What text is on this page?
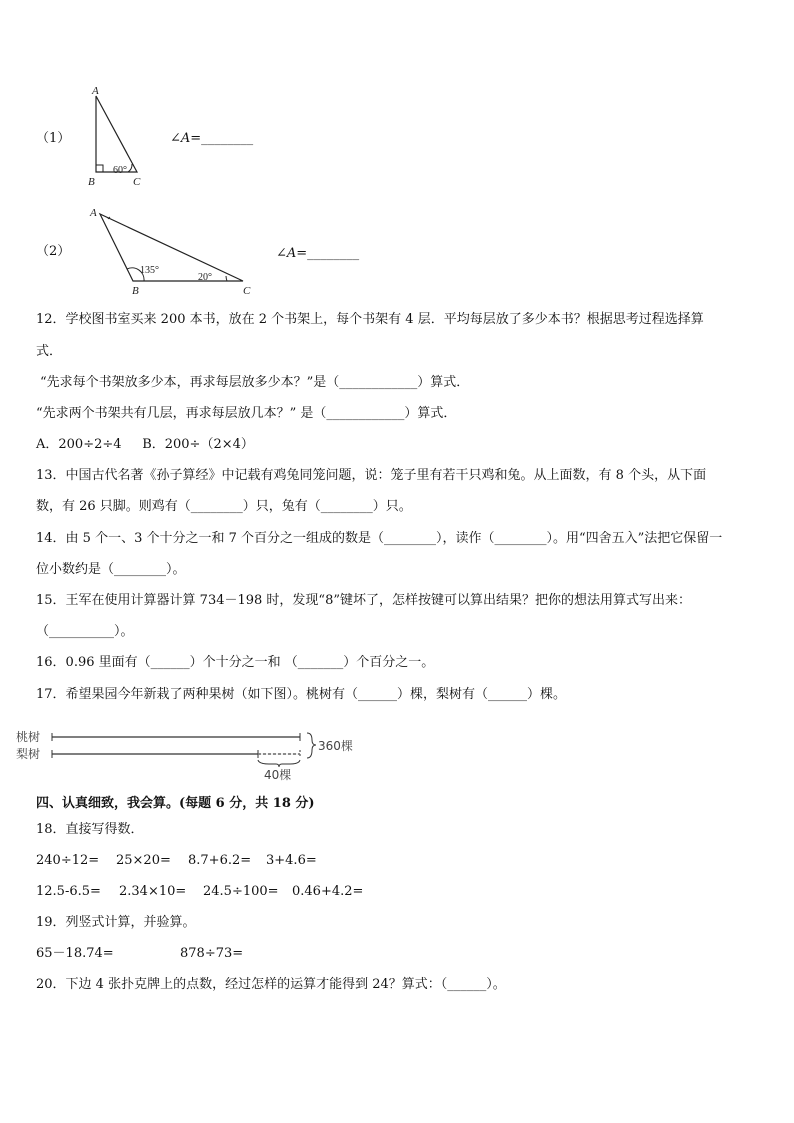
（1）
A
B	C
60°
∠A=________
（2）
A
B	C
135°
20°
∠A=________
12．学校图书室买来 200 本书，放在 2 个书架上，每个书架有 4 层．平均每层放了多少本书？根据思考过程选择算
式．
“先求每个书架放多少本，再求每层放多少本？”是（____________）算式．
“先求两个书架共有几层，再求每层放几本？” 是（____________）算式．
A．200÷2÷4     B．200÷（2×4）
13．中国古代名著《孙子算经》中记载有鸡兔同笼问题，说：笼子里有若干只鸡和兔。从上面数，有 8 个头，从下面
数，有 26 只脚。则鸡有（________）只，兔有（________）只。
14．由 5 个一、3 个十分之一和 7 个百分之一组成的数是（________），读作（________）。用“四舍五入”法把它保留一
位小数约是（________）。
15．王军在使用计算器计算 734－198 时，发现“8”键坏了，怎样按键可以算出结果？把你的想法用算式写出来：
（__________）。
16．0.96 里面有（______）个十分之一和 （_______）个百分之一。
17．希望果园今年新栽了两种果树（如下图）。桃树有（______）棵，梨树有（______）棵。
桃树
梨树
40棵
360棵
四、认真细致，我会算。(每题 6 分，共 18 分)
18．直接写得数．
240÷12= 25×20= 8.7+6.2= 3+4.6=
12.5-6.5= 2.34×10= 24.5÷100= 0.46+4.2=
19．列竖式计算，并验算。
65－18.74=	878÷73=
20．下边 4 张扑克牌上的点数，经过怎样的运算才能得到 24？算式：（______）。
